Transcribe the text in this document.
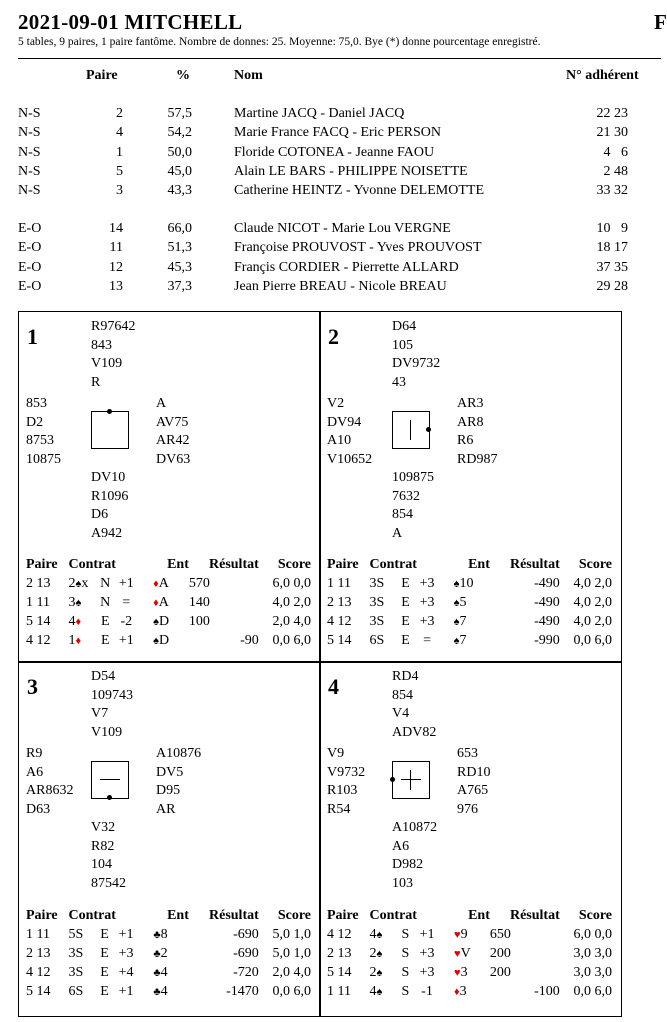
2021-09-01 MITCHELL	F
5 tables, 9 paires, 1 paire fantôme. Nombre de donnes: 25. Moyenne: 75,0. Bye (*) donne pourcentage enregistré.
Paire	%	Nom	N° adhérent
N-S	2	57,5	Martine JACQ - Daniel JACQ	22 23
N-S	4	54,2	Marie France FACQ - Eric PERSON	21 30
N-S	1	50,0	Floride COTONEA - Jeanne FAOU	4   6
N-S	5	45,0	Alain LE BARS - PHILIPPE NOISETTE	2 48
N-S	3	43,3	Catherine HEINTZ - Yvonne DELEMOTTE	33 32
E-O	14	66,0	Claude NICOT - Marie Lou VERGNE	10   9
E-O	11	51,3	Françoise PROUVOST - Yves PROUVOST	18 17
E-O	12	45,3	Françis CORDIER - Pierrette ALLARD	37 35
E-O	13	37,3	Jean Pierre BREAU - Nicole BREAU	29 28
1	R97642
843
V109
R
853
D2
8753
10875
A
AV75
AR42
DV63
DV10
R1096
D6
A942
Paire	Contrat			Ent		Résultat		Score
2 13	2♠x	N	+1		♦A	570		6,0 0,0
1 11	3♠	N	=		♦A	140		4,0 2,0
5 14	4♦	E	-2		♠D	100		2,0 4,0
4 12	1♦	E	+1		♠D		-90	0,0 6,0
2	D64
105
DV9732
43
V2
DV94
A10
V10652
AR3
AR8
R6
RD987
109875
7632
854
A
Paire	Contrat			Ent		Résultat		Score
1 11	3S	E	+3		♠10		-490	4,0 2,0
2 13	3S	E	+3		♠5		-490	4,0 2,0
4 12	3S	E	+3		♠7		-490	4,0 2,0
5 14	6S	E	=		♠7		-990	0,0 6,0
3	D54
109743
V7
V109
R9
A6
AR8632
D63
A10876
DV5
D95
AR
V32
R82
104
87542
Paire	Contrat			Ent		Résultat		Score
1 11	5S	E	+1		♣8		-690	5,0 1,0
2 13	3S	E	+3		♣2		-690	5,0 1,0
4 12	3S	E	+4		♣4		-720	2,0 4,0
5 14	6S	E	+1		♣4		-1470	0,0 6,0
4	RD4
854
V4
ADV82
V9
V9732
R103
R54
653
RD10
A765
976
A10872
A6
D982
103
Paire	Contrat			Ent		Résultat		Score
4 12	4♠	S	+1		♥9	650		6,0 0,0
2 13	2♠	S	+3		♥V	200		3,0 3,0
5 14	2♠	S	+3		♥3	200		3,0 3,0
1 11	4♠	S	-1		♦3		-100	0,0 6,0
